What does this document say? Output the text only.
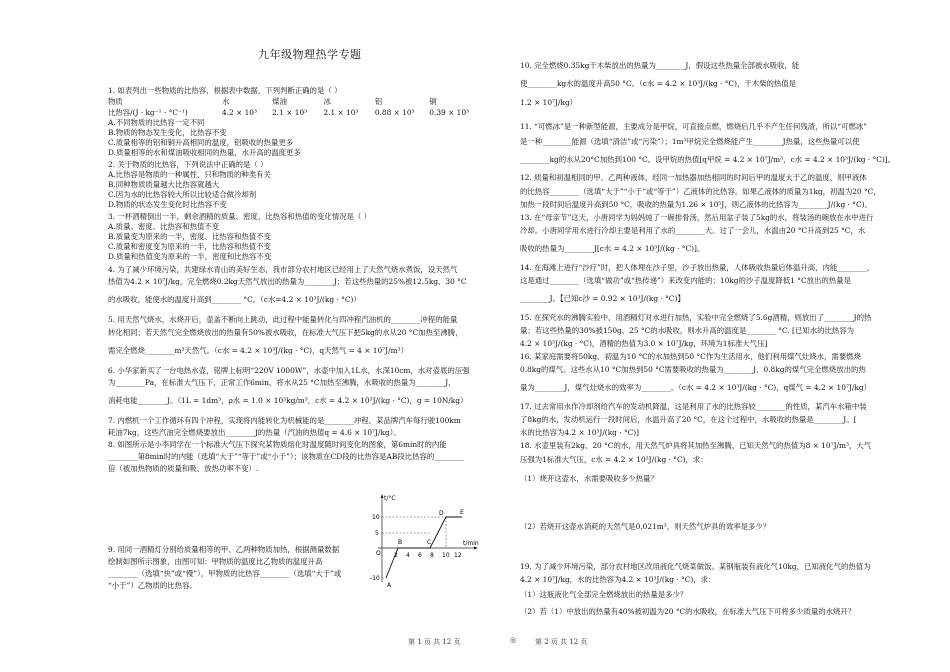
九年级物理热学专题
1. 如表列出一些物质的比热容，根据表中数据，下列判断正确的是（ ）
物质	水	煤油	冰	铝	铜
比热容/(J · kg⁻¹ · °C⁻¹)	4.2 × 10³	2.1 × 10³	2.1 × 10³	0.88 × 10³	0.39 × 10³
A.不同物质的比热容一定不同
B.物质的物态发生变化，比热容不变
C.质量相等的铝和铜升高相同的温度，铝吸收的热量更多
D.质量相等的水和煤油吸收相同的热量，水升高的温度更多
2. 关于物质的比热容，下列说法中正确的是（ ）
A.比热容是物质的一种属性，只和物质的种类有关
B.同种物质质量越大比热容就越大
C.因为水的比热容较大所以比较适合做冷却剂
D.物质的状态发生变化时比热容不变
3. 一杯酒精倒出一半，剩余酒精的质量、密度、比热容和热值的变化情况是（ ）
A.质量、密度、比热容和热值不变
B.质量变为原来的一半，密度、比热容和热值不变
C.质量和密度变为原来的一半，比热容和热值不变
D.质量和热值变为原来的一半，密度和比热容不变
4. 为了减少环境污染，共建绿水青山的美好生态，我市部分农村地区已经用上了天然气烧水煮饭，设天然气
热值为4.2 × 10⁷J/kg，完全燃烧0.2kg天然气放出的热量为________J；若这些热量的25%被12.5kg、30 °C
的水吸收，能使水的温度升高到________ °C。（c水=4.2 × 10³J/(kg · °C)）
5. 用天然气烧水，水烧开后，壶盖不断向上跳动，此过程中能量转化与四冲程汽油机的________冲程的能量
转化相同；若天然气完全燃烧放出的热量有50%被水吸收，在标准大气压下把5kg的水从20 °C加热至沸腾，
需完全燃烧________m³天然气。（c水 = 4.2 × 10³J/(kg · °C)，q天然气 = 4 × 10⁷J/m³）
6. 小华家新买了一台电热水壶，铭牌上标明“220V 1000W”，水壶中加入1L水，水深10cm，水对壶底的压强
为________Pa，在标准大气压下，正常工作6min，将水从25 °C加热至沸腾，水吸收的热量为________J，
消耗电能________J。（1L = 1dm³，ρ水 = 1.0 × 10³kg/m³，c水 = 4.2 × 10³J/(kg · °C)，g = 10N/kg）
7. 内燃机一个工作循环有四个冲程，实现将内能转化为机械能的是________冲程。某品牌汽车每行驶100km
耗油7kg，这些汽油完全燃烧要放出________J的热量（汽油的热值q = 4.6 × 10⁷J/kg）。
8. 如图所示是小李同学在一个标准大气压下探究某物质熔化时温度随时间变化的图象，第6min时的内能
________第8min时的内能（选填“大于”“等于”或“小于”）；该物质在CD段的比热容是AB段比热容的________
倍（被加热物质的质量和吸、放热功率不变）.
9. 用同一酒精灯分别给质量相等的甲、乙两种物质加热，根据测量数据
绘制如图所示图象，由图可知：甲物质的温度比乙物质的温度升高
________（选填“快”或“慢”），甲物质的比热容________（选填“大于”或
“小于”）乙物质的比热容。
t/°C
t/min
O
10
5
-10
2 4 6 8 10 12
A
B	C
D	E
第 1 页 共 12 页	◎
10. 完全燃烧0.35kg干木柴放出的热量为________J，假设这些热量全部被水吸收，能
使________kg水的温度升高50 °C。（c水 = 4.2 × 10³J/(kg · °C)，干木柴的热值是
1.2 × 10⁷J/kg）
11. “可燃冰”是一种新型能源，主要成分是甲烷，可直接点燃，燃烧后几乎不产生任何残渣，所以“可燃冰”
是一种________能源（选填“清洁”或“污染”）；1m³甲烷完全燃烧能产生________J热量，这些热量可以使
________kg的水从20°C加热到100 °C。设甲烷的热值[q甲烷 = 4.2 × 10⁷J/m³，c水 = 4.2 × 10³J/(kg · °C)]。
12. 质量和初温相同的甲、乙两种液体，经同一加热器加热相同的时间后甲的温度大于乙的温度，则甲液体
的比热容________（选填“大于”“小于”或“等于”）乙液体的比热容。如果乙液体的质量为1kg，初温为20 °C，
加热一段时间后温度升高到50 °C，吸收的热量为1.26 × 10⁵J，则乙液体的比热容为________J/(kg · °C)。
13. 在“母亲节”这天，小唐同学为妈妈炖了一碗排骨汤，然后用盆子装了5kg的水，将装汤的碗放在水中进行
冷却。小唐同学用水进行冷却主要是利用了水的________大。过了一会儿，水温由20 °C升高到25 °C，水
吸收的热量为________J[c水 = 4.2 × 10³J/(kg · °C)]。
14. 在海滩上进行“沙疗”时，把人体埋在沙子里，沙子放出热量，人体吸收热量后体温升高，内能________，
这是通过________（选填“做功”或“热传递”）来改变内能的；10kg的沙子温度降低1 °C放出的热量是
________J。【已知c沙 = 0.92 × 10³J/(kg · °C)】
15. 在探究水的沸腾实验中，用酒精灯对水进行加热，实验中完全燃烧了5.6g酒精，则放出了________J的热
量；若这些热量的30%被150g、25 °C的水吸收，则水升高的温度是________ °C. [已知水的比热容为
4.2 × 10³J/(kg · °C)，酒精的热值为3.0 × 10⁷J/kg，环境为1标准大气压]
16. 某家庭需要将50kg、初温为10 °C的水加热到50 °C作为生活用水，他们利用煤气灶烧水，需要燃烧
0.8kg的煤气。这些水从10 °C加热到50 °C需要吸收的热量为________J，0.8kg的煤气完全燃烧放出的热
量为________J，煤气灶烧水的效率为________。（c水 = 4.2 × 10³J/(kg · °C)，q煤气 = 4.2 × 10⁷J/kg）
17. 过去常用水作冷却剂给汽车的发动机降温，这是利用了水的比热容较________的性质，某汽车水箱中装
了8kg的水，发动机运行一段时间后，水温升高了20 °C，在这个过程中，水吸收的热量是________J。[
水的比热容为4.2 × 10³J/(kg · °C)]
18. 水壶里装有2kg、20 °C的水，用天然气炉具将其加热至沸腾，已知天然气的热值为8 × 10⁷J/m³，大气
压强为1标准大气压，c水 = 4.2 × 10³J/(kg · °C)，求：
（1）烧开这壶水，水需要吸收多少热量？
（2）若烧开这壶水消耗的天然气是0.021m³，则天然气炉具的效率是多少？
19. 为了减少环境污染，部分农村地区改用液化气烧菜做饭。某钢瓶装有液化气10kg，已知液化气的热值为
4.2 × 10⁷J/kg，水的比热容为4.2 × 10³J/(kg · °C)，求：
（1）这瓶液化气全部完全燃烧放出的热量是多少？
（2）若（1）中放出的热量有40%被初温为20 °C的水吸收，在标准大气压下可将多少质量的水烧开？
第 2 页 共 12 页
